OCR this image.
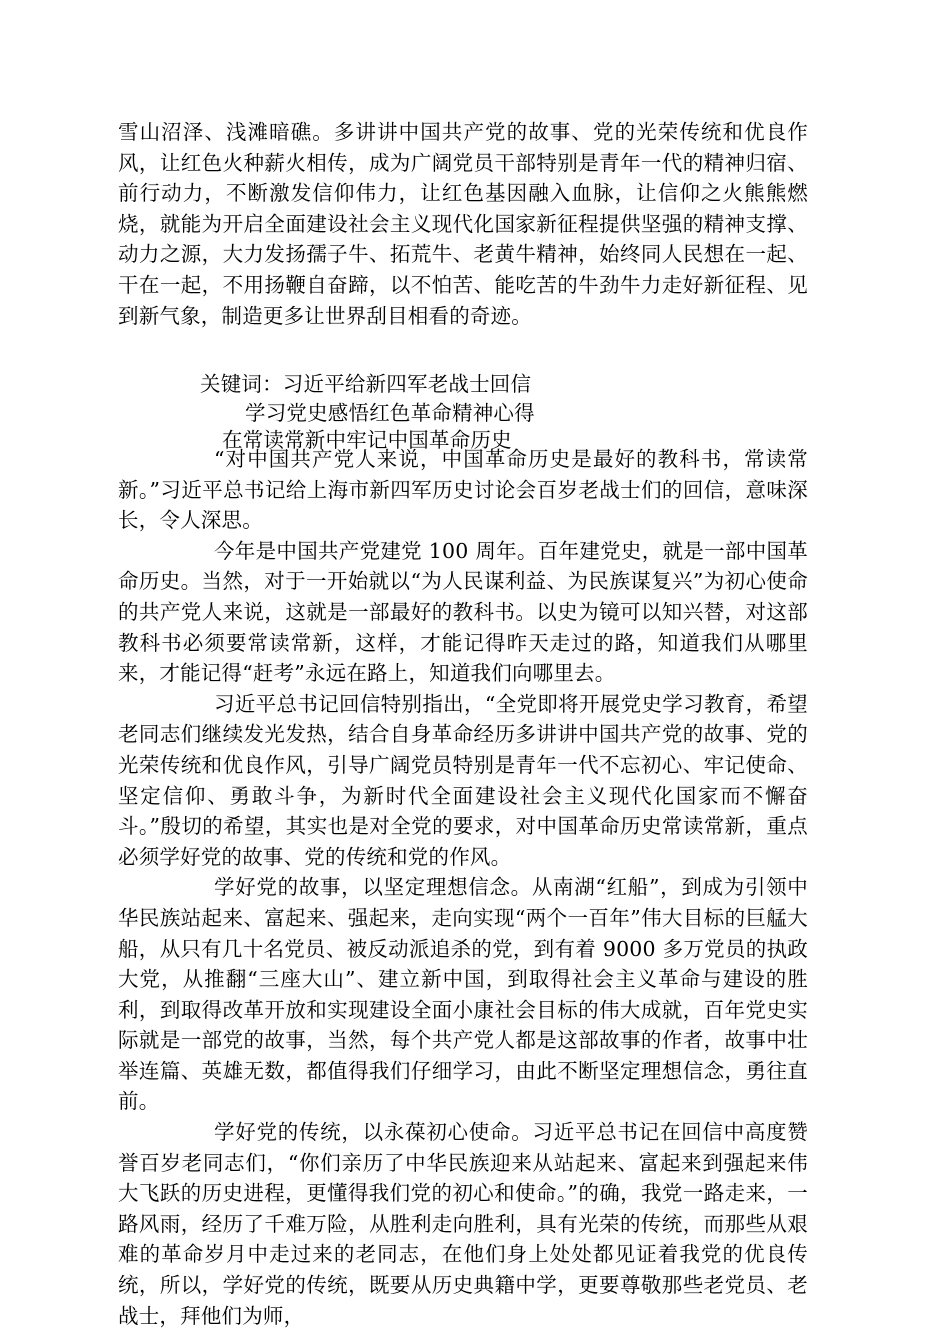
雪山沼泽、浅滩暗礁。多讲讲中国共产党的故事、党的光荣传统和优良作风，让红色火种薪火相传，成为广阔党员干部特别是青年一代的精神归宿、前行动力，不断激发信仰伟力，让红色基因融入血脉，让信仰之火熊熊燃烧，就能为开启全面建设社会主义现代化国家新征程提供坚强的精神支撑、动力之源，大力发扬孺子牛、拓荒牛、老黄牛精神，始终同人民想在一起、干在一起，不用扬鞭自奋蹄，以不怕苦、能吃苦的牛劲牛力走好新征程、见到新气象，制造更多让世界刮目相看的奇迹。

关键词：习近平给新四军老战士回信
学习党史感悟红色革命精神心得
在常读常新中牢记中国革命历史

“对中国共产党人来说，中国革命历史是最好的教科书，常读常新。”习近平总书记给上海市新四军历史讨论会百岁老战士们的回信，意味深长，令人深思。

今年是中国共产党建党 100 周年。百年建党史，就是一部中国革命历史。当然，对于一开始就以“为人民谋利益、为民族谋复兴”为初心使命的共产党人来说，这就是一部最好的教科书。以史为镜可以知兴替，对这部教科书必须要常读常新，这样，才能记得昨天走过的路，知道我们从哪里来，才能记得“赶考”永远在路上，知道我们向哪里去。

习近平总书记回信特别指出，“全党即将开展党史学习教育，希望老同志们继续发光发热，结合自身革命经历多讲讲中国共产党的故事、党的光荣传统和优良作风，引导广阔党员特别是青年一代不忘初心、牢记使命、坚定信仰、勇敢斗争，为新时代全面建设社会主义现代化国家而不懈奋斗。”殷切的希望，其实也是对全党的要求，对中国革命历史常读常新，重点必须学好党的故事、党的传统和党的作风。

学好党的故事，以坚定理想信念。从南湖“红船”，到成为引领中华民族站起来、富起来、强起来，走向实现“两个一百年”伟大目标的巨艋大船，从只有几十名党员、被反动派追杀的党，到有着 9000 多万党员的执政大党，从推翻“三座大山”、建立新中国，到取得社会主义革命与建设的胜利，到取得改革开放和实现建设全面小康社会目标的伟大成就，百年党史实际就是一部党的故事，当然，每个共产党人都是这部故事的作者，故事中壮举连篇、英雄无数，都值得我们仔细学习，由此不断坚定理想信念，勇往直前。

学好党的传统，以永葆初心使命。习近平总书记在回信中高度赞誉百岁老同志们，“你们亲历了中华民族迎来从站起来、富起来到强起来伟大飞跃的历史进程，更懂得我们党的初心和使命。”的确，我党一路走来，一路风雨，经历了千难万险，从胜利走向胜利，具有光荣的传统，而那些从艰难的革命岁月中走过来的老同志，在他们身上处处都见证着我党的优良传统，所以，学好党的传统，既要从历史典籍中学，更要尊敬那些老党员、老战士，拜他们为师，
